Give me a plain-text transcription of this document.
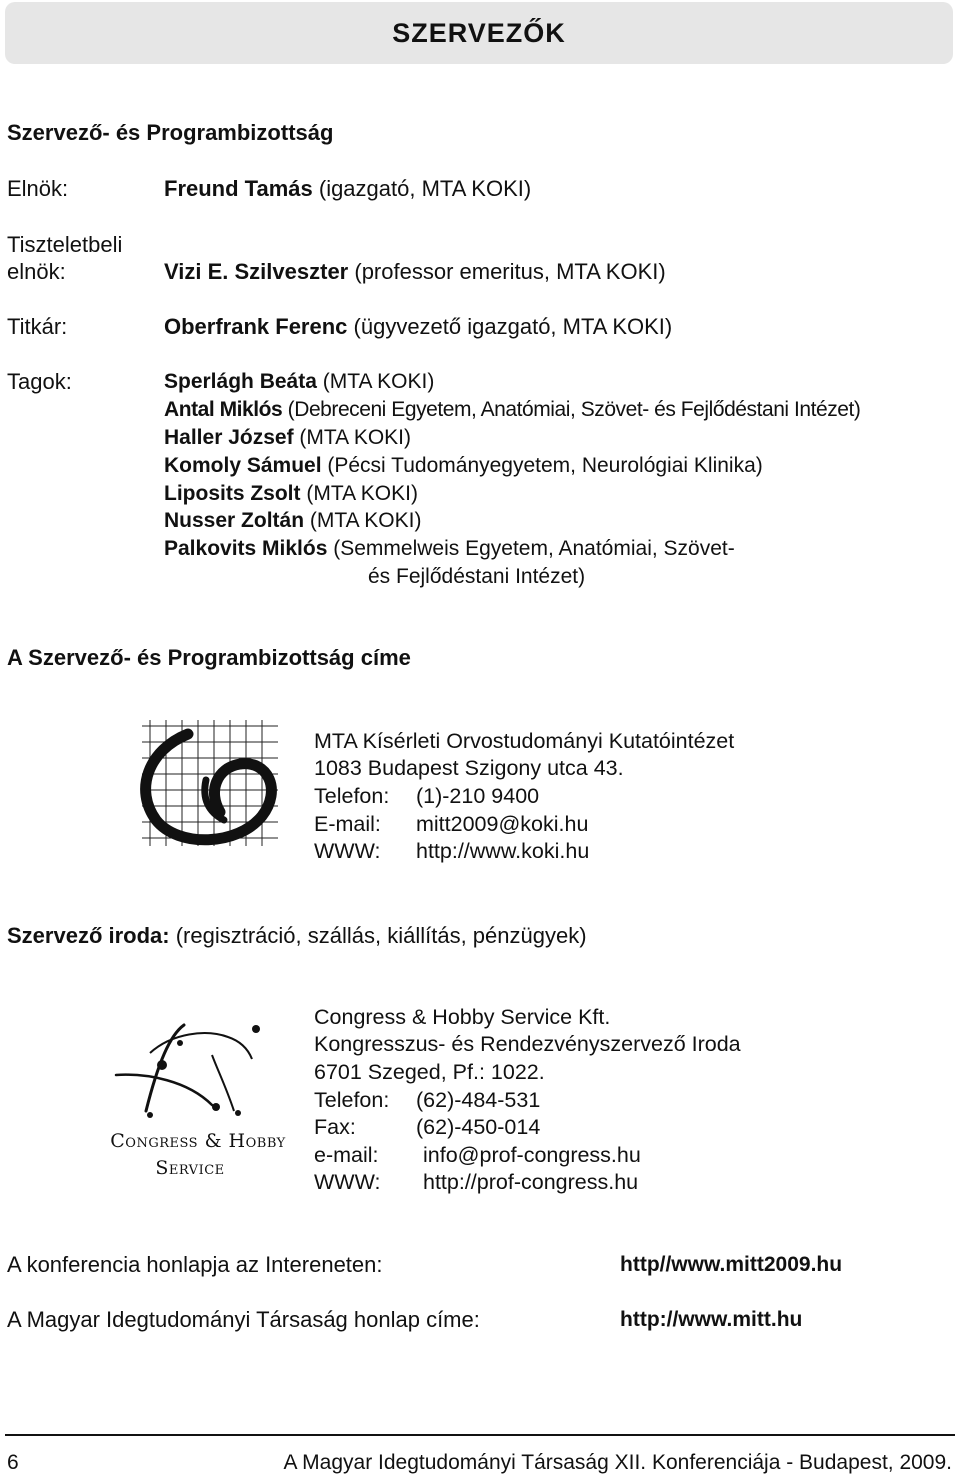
SZERVEZŐK
Szervező- és Programbizottság
Elnök:	Freund Tamás (igazgató, MTA KOKI)
Tiszteletbeli
elnök:	Vizi E. Szilveszter (professor emeritus, MTA KOKI)
Titkár:	Oberfrank Ferenc (ügyvezető igazgató, MTA KOKI)
Tagok:	Sperlágh Beáta (MTA KOKI)
Antal Miklós (Debreceni Egyetem, Anatómiai, Szövet- és Fejlődéstani Intézet)
Haller József (MTA KOKI)
Komoly Sámuel (Pécsi Tudományegyetem, Neurológiai Klinika)
Liposits Zsolt (MTA KOKI)
Nusser Zoltán (MTA KOKI)
Palkovits Miklós (Semmelweis Egyetem, Anatómiai, Szövet-
és Fejlődéstani Intézet)
A Szervező- és Programbizottság címe
MTA Kísérleti Orvostudományi Kutatóintézet
1083 Budapest Szigony utca 43.
Telefon: (1)-210 9400
E-mail: mitt2009@koki.hu
WWW: http://www.koki.hu
Szervező iroda: (regisztráció, szállás, kiállítás, pénzügyek)
Congress & Hobby
Service
Congress & Hobby Service Kft.
Kongresszus- és Rendezvényszervező Iroda
6701 Szeged, Pf.: 1022.
Telefon: (62)-484-531
Fax:	(62)-450-014
e-mail: info@prof-congress.hu
WWW: http://prof-congress.hu
A konferencia honlapja az Intereneten:	http//www.mitt2009.hu
A Magyar Idegtudományi Társaság honlap címe:	http://www.mitt.hu
6	A Magyar Idegtudományi Társaság XII. Konferenciája - Budapest, 2009.
